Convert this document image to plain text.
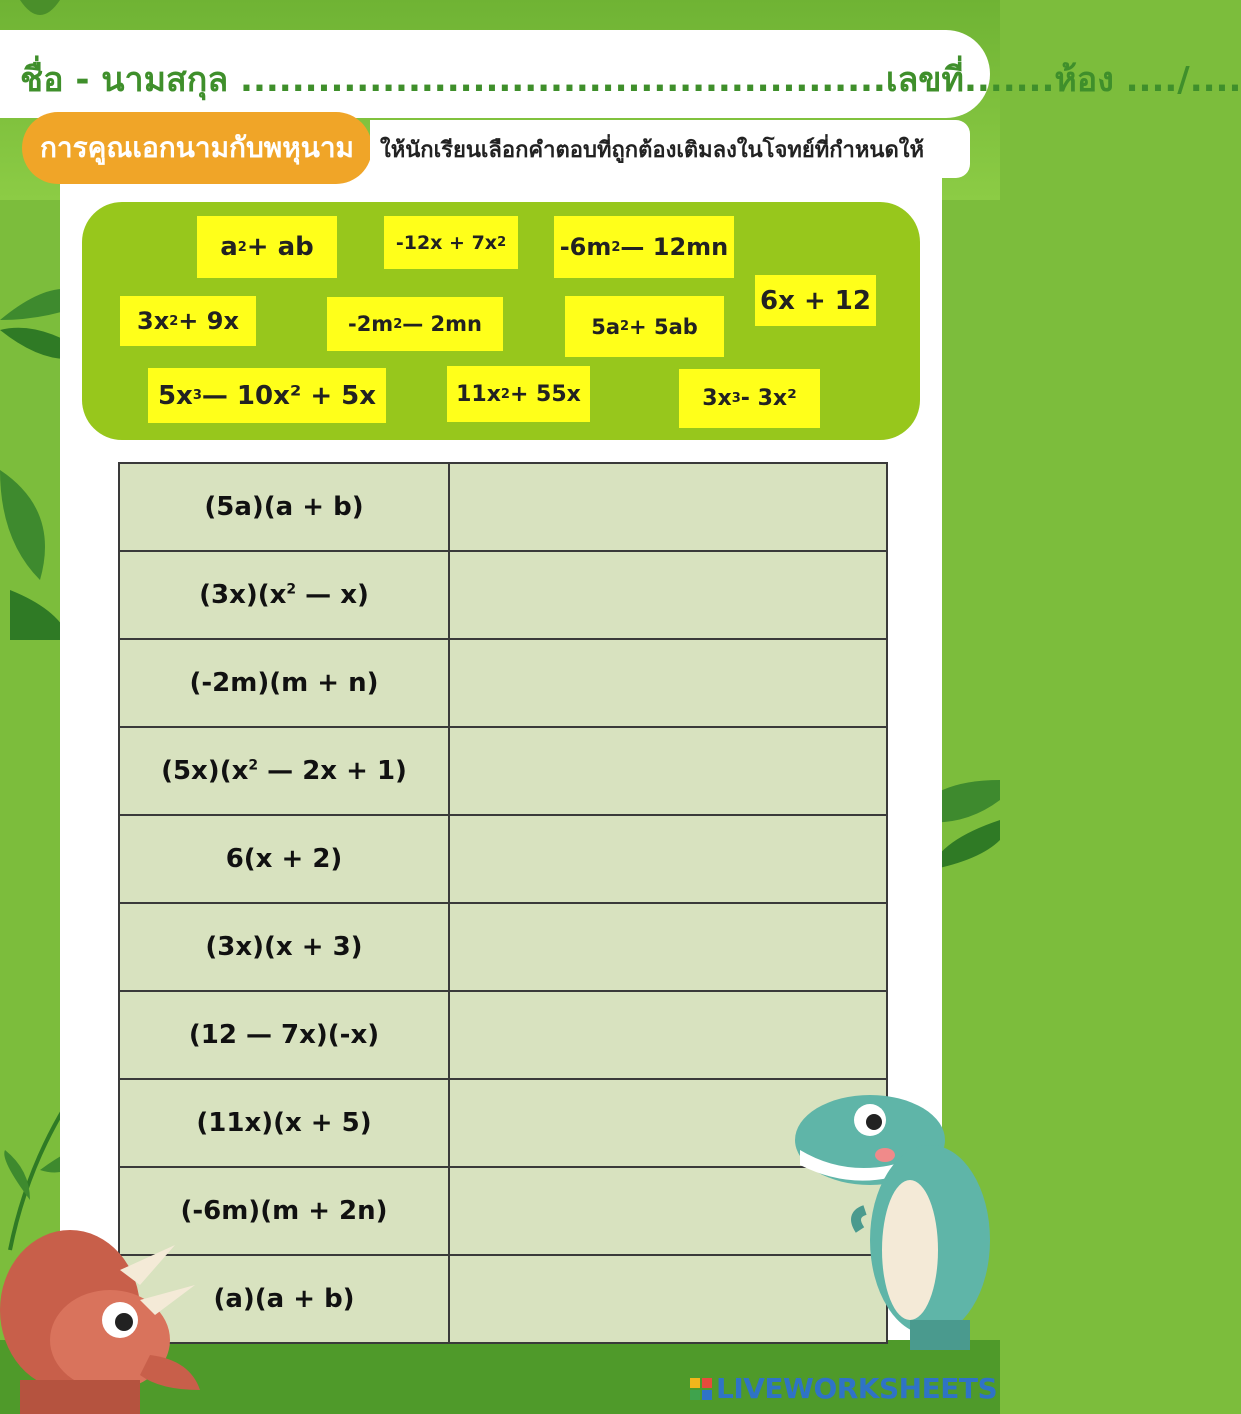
ชื่อ - นามสกุล ..................................................เลขที่.......ห้อง ..../....
การคูณเอกนามกับพหุนาม	ให้นักเรียนเลือกคำตอบที่ถูกต้องเติมลงในโจทย์ที่กำหนดให้
a 2 + ab	-12x + 7x 2 -6m 2 — 12mn
3x 2 + 9x	-2m 2 — 2mn	5a 2 + 5ab
6x + 12
5x 3 — 10x² + 5x	11x 2 + 55x	3x 3 - 3x²
(5a)(a + b)	
$(3x)(x^2$ — x)	
(-2m)(m + n)	
$(5x)(x^2$ — 2x + 1)	
6(x + 2)	
(3x)(x + 3)	
(12 — 7x)(-x)	
(11x)(x + 5)	
(-6m)(m + 2n)	
(a)(a + b)	
LIVEWORKSHEETS
